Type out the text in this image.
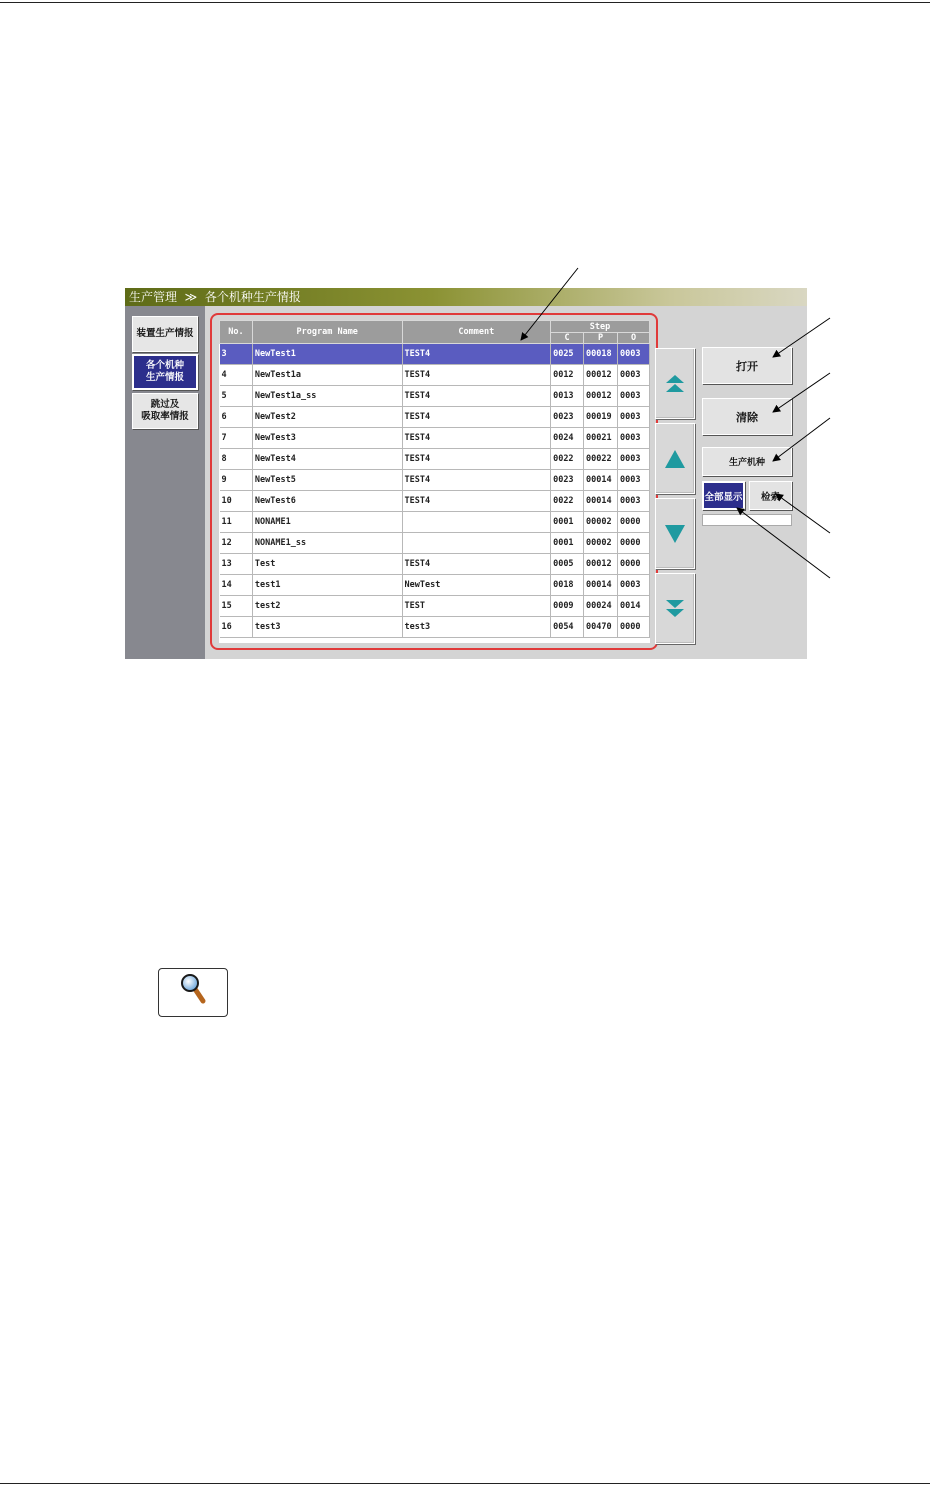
生产管理  ≫  各个机种生产情报
装置生产情报
各个机种
生产情报
跳过及
吸取率情报
No.	Program Name	Comment	Step		
			C	P	O
3	NewTest1	TEST4	0025	00018	0003
4	NewTest1a	TEST4	0012	00012	0003
5	NewTest1a_ss	TEST4	0013	00012	0003
6	NewTest2	TEST4	0023	00019	0003
7	NewTest3	TEST4	0024	00021	0003
8	NewTest4	TEST4	0022	00022	0003
9	NewTest5	TEST4	0023	00014	0003
10	NewTest6	TEST4	0022	00014	0003
11	NONAME1		0001	00002	0000
12	NONAME1_ss		0001	00002	0000
13	Test	TEST4	0005	00012	0000
14	test1	NewTest	0018	00014	0003
15	test2	TEST	0009	00024	0014
16	test3	test3	0054	00470	0000
打开
清除
生产机种
全部显示	检索
